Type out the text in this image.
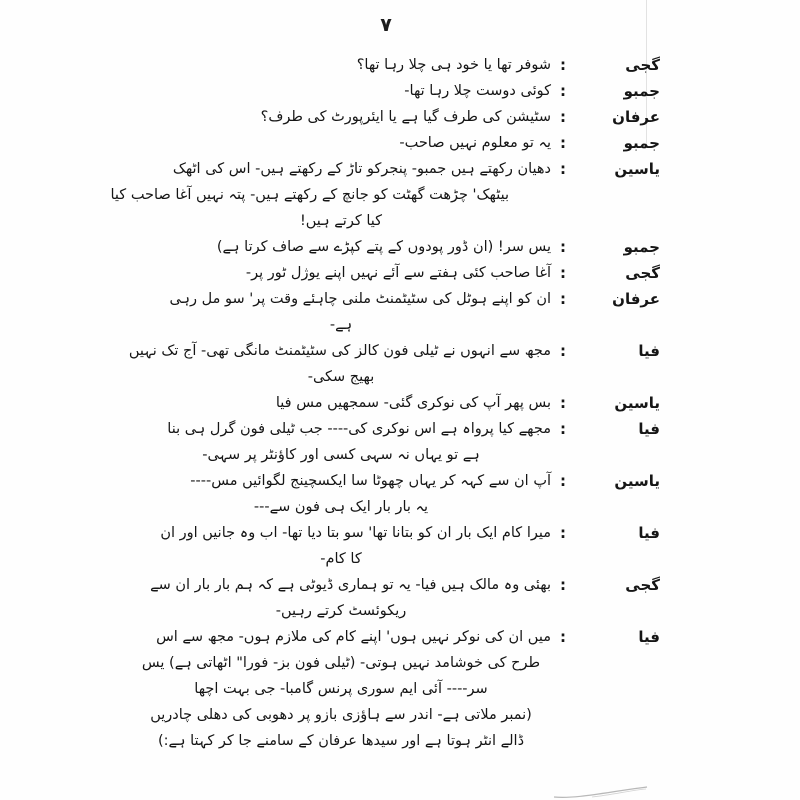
۷
گجی
:
شوفر تھا یا خود ہی چلا رہا تھا؟
جمبو
:
کوئی دوست چلا رہا تھا-
عرفان
:
سٹیشن کی طرف گیا ہے یا ایئرپورٹ کی طرف؟
جمبو
:
یہ تو معلوم نہیں صاحب-
یاسین
:
دھیان رکھتے ہیں جمبو- پنجرکو تاڑ کے رکھتے ہیں- اس کی اٹھک
بیٹھک' چڑھت گھٹت کو جانچ کے رکھتے ہیں- پتہ نہیں آغا صاحب کیا
کیا کرتے ہیں!
جمبو
:
یس سر! (ان ڈور پودوں کے پتے کپڑے سے صاف کرتا ہے)
گجی
:
آغا صاحب کئی ہفتے سے آئے نہیں اپنے یوژل ٹور پر-
عرفان
:
ان کو اپنے ہوٹل کی سٹیٹمنٹ ملنی چاہئے وقت پر' سو مل رہی
ہے-
فیا
:
مجھ سے انہوں نے ٹیلی فون کالز کی سٹیٹمنٹ مانگی تھی- آج تک نہیں
بھیج سکی-
یاسین
:
بس پھر آپ کی نوکری گئی- سمجھیں مس فیا
فیا
:
مجھے کیا پرواہ ہے اس نوکری کی---- جب ٹیلی فون گرل ہی بنا
ہے تو یہاں نہ سہی کسی اور کاؤنٹر پر سہی-
یاسین
:
آپ ان سے کہہ کر یہاں چھوٹا سا ایکسچینج لگوائیں مس----
یہ بار بار ایک ہی فون سے---
فیا
:
میرا کام ایک بار ان کو بتانا تھا' سو بتا دیا تھا- اب وہ جانیں اور ان
کا کام-
گجی
:
بھئی وہ مالک ہیں فیا- یہ تو ہماری ڈیوٹی ہے کہ ہم بار بار ان سے
ریکوئسٹ کرتے رہیں-
فیا
:
میں ان کی نوکر نہیں ہوں' اپنے کام کی ملازم ہوں- مجھ سے اس
طرح کی خوشامد نہیں ہوتی- (ٹیلی فون بز- فورا" اٹھاتی ہے) یس
سر---- آئی ایم سوری پرنس گامبا- جی بہت اچھا
(نمبر ملاتی ہے- اندر سے ہاؤزی بازو پر دھوبی کی دھلی چادریں
ڈالے انٹر ہوتا ہے اور سیدھا عرفان کے سامنے جا کر کہتا ہے:)
